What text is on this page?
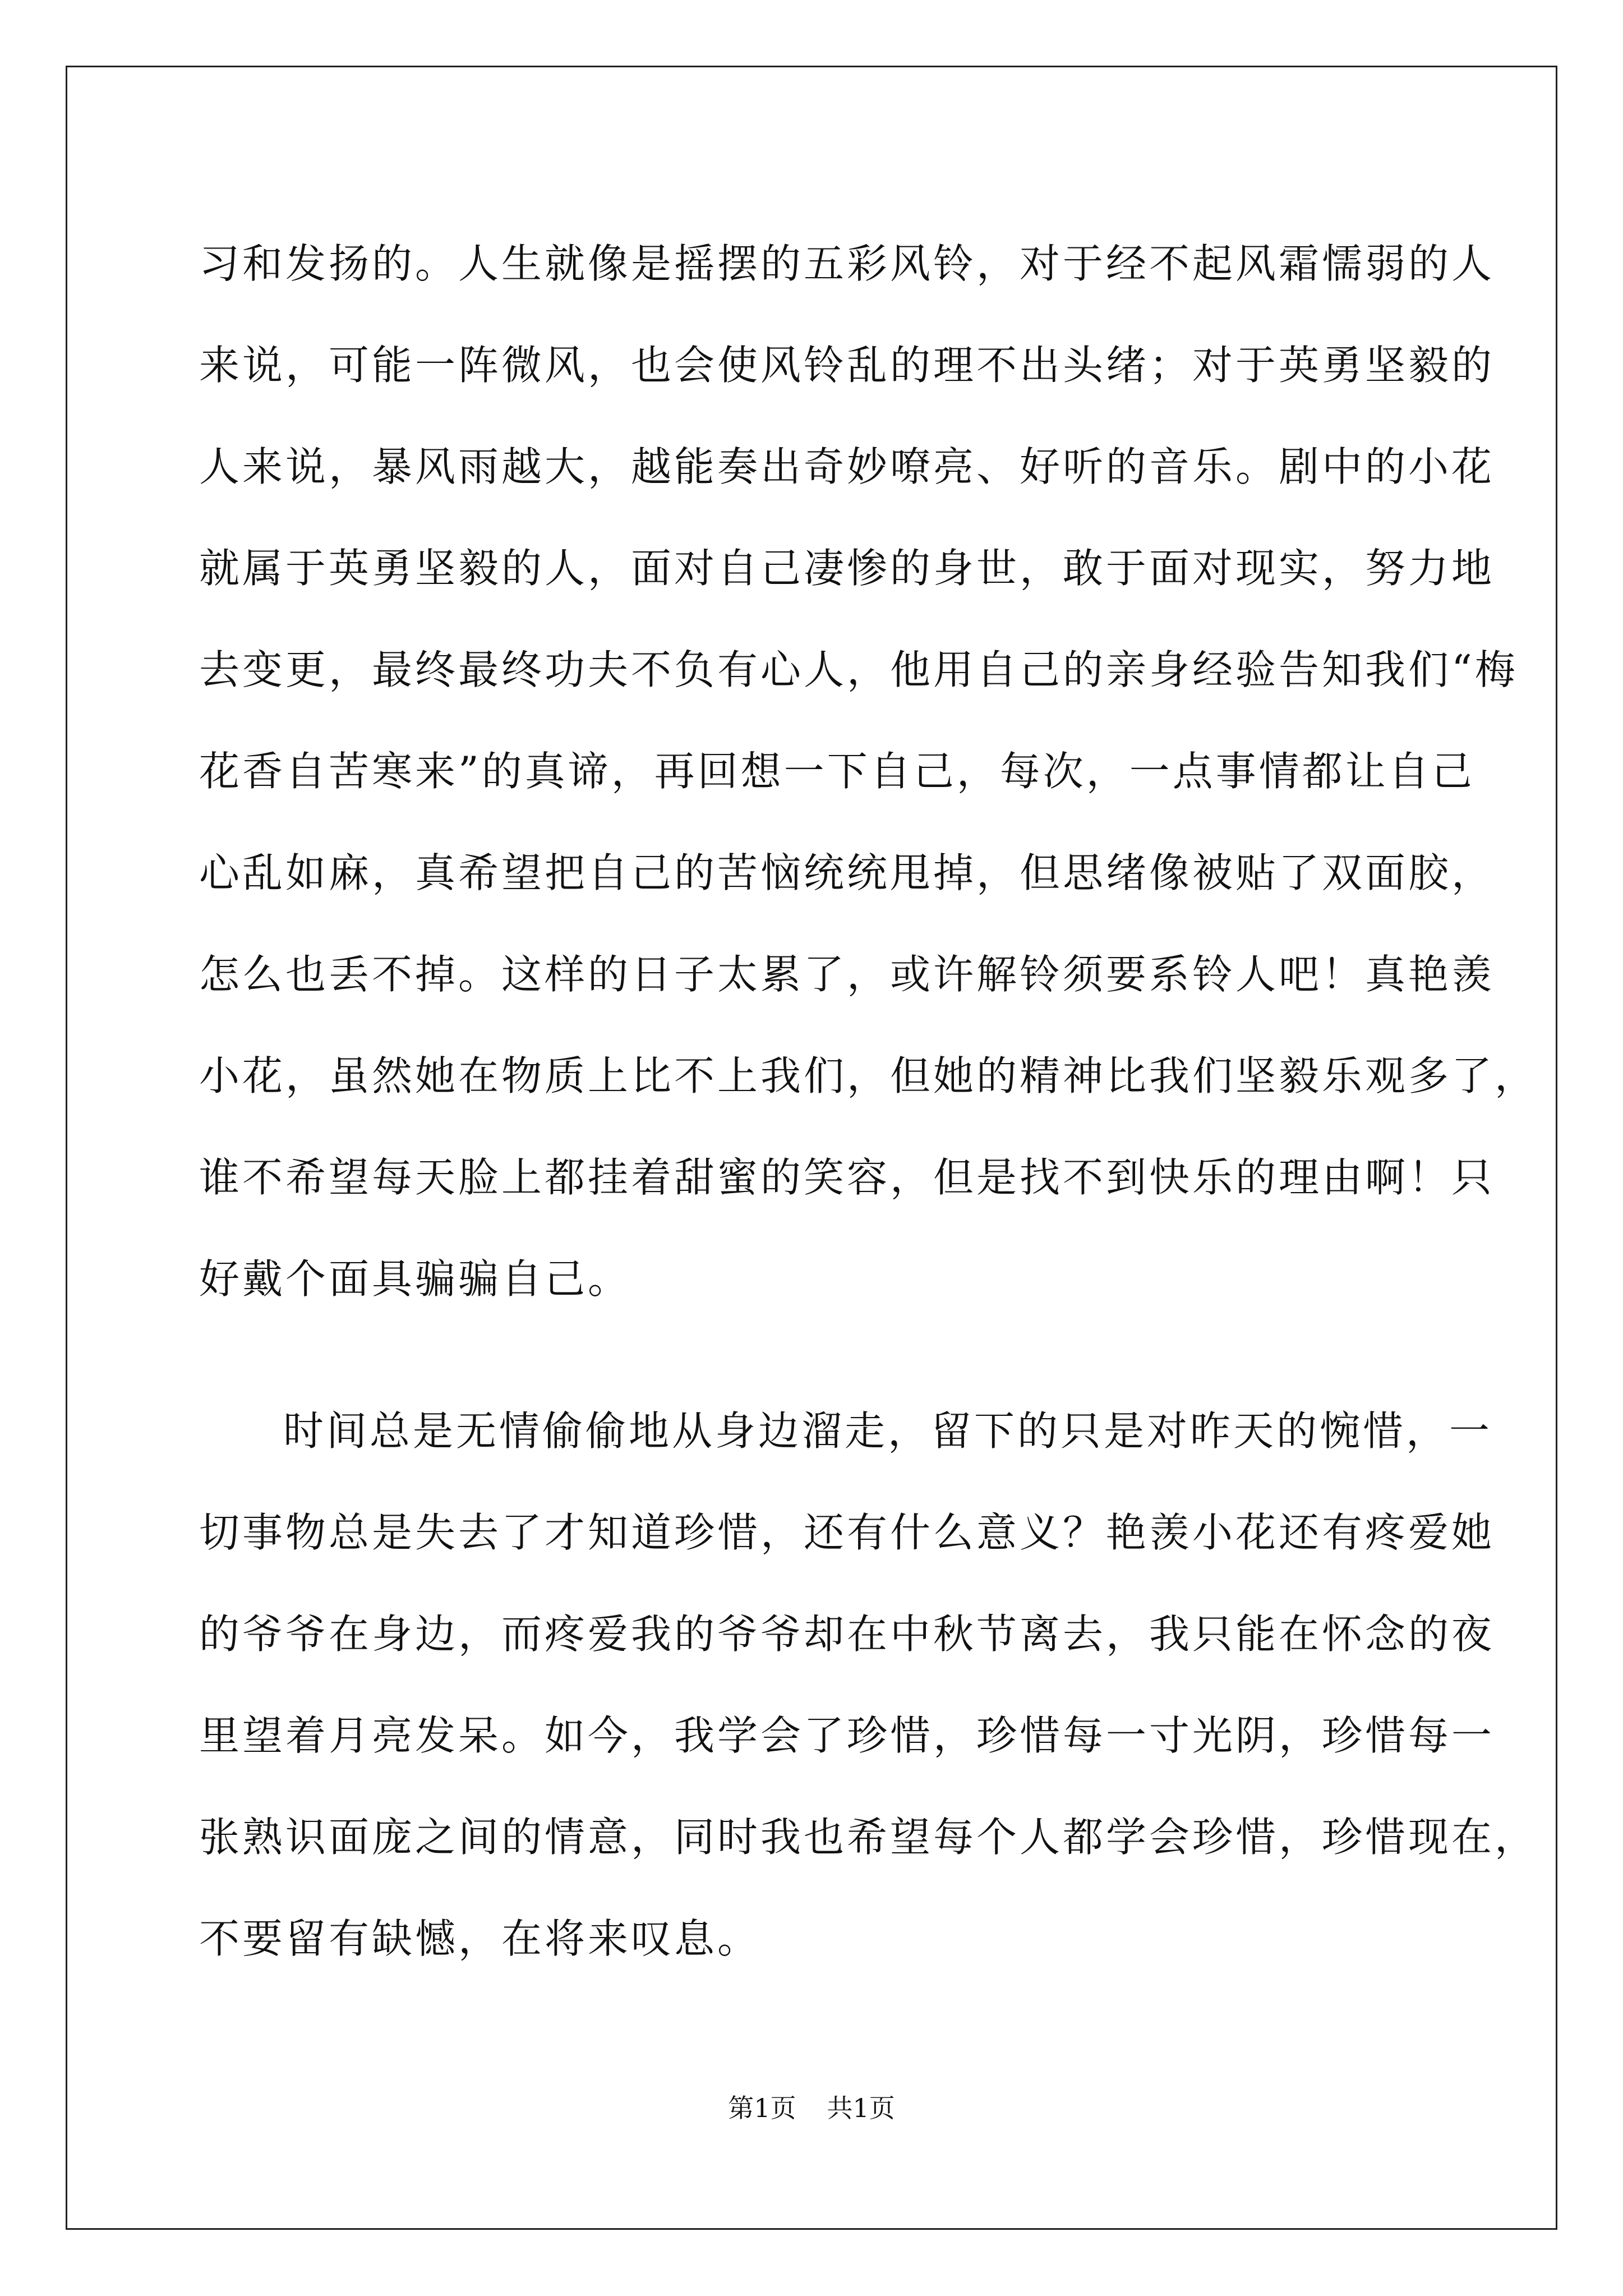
习和发扬的。人生就像是摇摆的五彩风铃，对于经不起风霜懦弱的人
来说，可能一阵微风，也会使风铃乱的理不出头绪；对于英勇坚毅的
人来说，暴风雨越大，越能奏出奇妙嘹亮、好听的音乐。剧中的小花
就属于英勇坚毅的人，面对自己凄惨的身世，敢于面对现实，努力地
去变更，最终最终功夫不负有心人，他用自己的亲身经验告知我们“梅
花香自苦寒来”的真谛，再回想一下自己，每次，一点事情都让自己
心乱如麻，真希望把自己的苦恼统统甩掉，但思绪像被贴了双面胶，
怎么也丢不掉。这样的日子太累了，或许解铃须要系铃人吧！真艳羡
小花，虽然她在物质上比不上我们，但她的精神比我们坚毅乐观多了，
谁不希望每天脸上都挂着甜蜜的笑容，但是找不到快乐的理由啊！只
好戴个面具骗骗自己。
时间总是无情偷偷地从身边溜走，留下的只是对昨天的惋惜，一
切事物总是失去了才知道珍惜，还有什么意义？艳羡小花还有疼爱她
的爷爷在身边，而疼爱我的爷爷却在中秋节离去，我只能在怀念的夜
里望着月亮发呆。如今，我学会了珍惜，珍惜每一寸光阴，珍惜每一
张熟识面庞之间的情意，同时我也希望每个人都学会珍惜，珍惜现在，
不要留有缺憾，在将来叹息。
第1页 共1页
